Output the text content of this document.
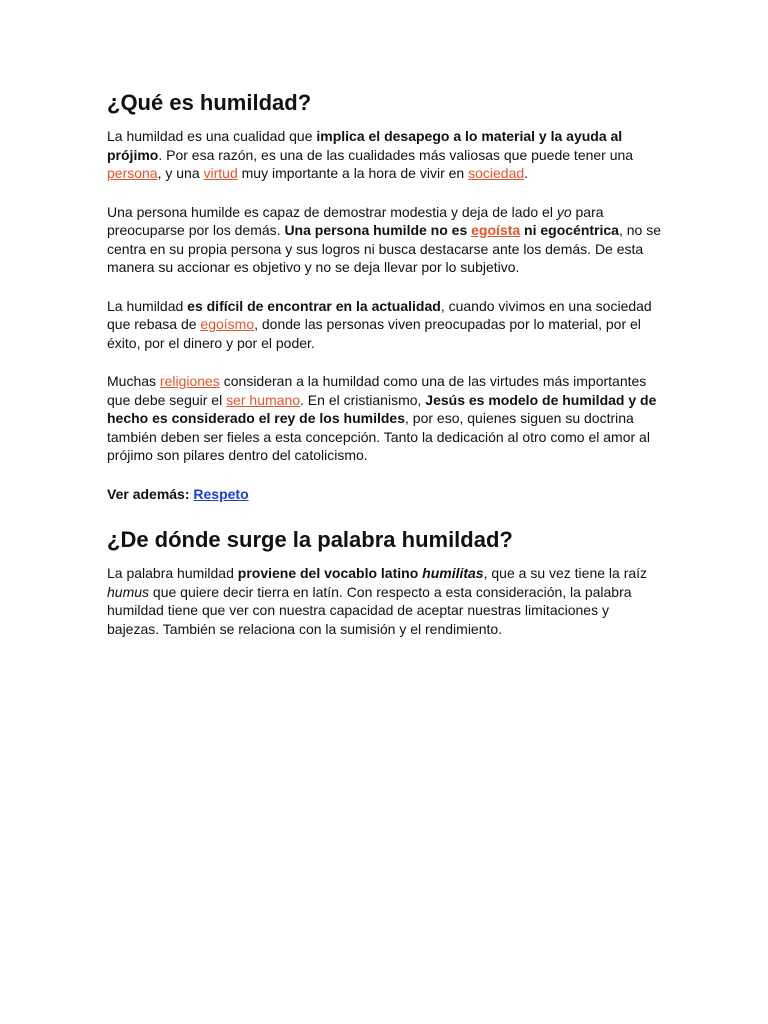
¿Qué es humildad?

La humildad es una cualidad que implica el desapego a lo material y la ayuda al prójimo. Por esa razón, es una de las cualidades más valiosas que puede tener una persona, y una virtud muy importante a la hora de vivir en sociedad.

Una persona humilde es capaz de demostrar modestia y deja de lado el yo para preocuparse por los demás. Una persona humilde no es egoísta ni egocéntrica, no se centra en su propia persona y sus logros ni busca destacarse ante los demás. De esta manera su accionar es objetivo y no se deja llevar por lo subjetivo.

La humildad es difícil de encontrar en la actualidad, cuando vivimos en una sociedad que rebasa de egoísmo, donde las personas viven preocupadas por lo material, por el éxito, por el dinero y por el poder.

Muchas religiones consideran a la humildad como una de las virtudes más importantes que debe seguir el ser humano. En el cristianismo, Jesús es modelo de humildad y de hecho es considerado el rey de los humildes, por eso, quienes siguen su doctrina también deben ser fieles a esta concepción. Tanto la dedicación al otro como el amor al prójimo son pilares dentro del catolicismo.

Ver además: Respeto

¿De dónde surge la palabra humildad?

La palabra humildad proviene del vocablo latino humilitas, que a su vez tiene la raíz humus que quiere decir tierra en latín. Con respecto a esta consideración, la palabra humildad tiene que ver con nuestra capacidad de aceptar nuestras limitaciones y bajezas. También se relaciona con la sumisión y el rendimiento.
